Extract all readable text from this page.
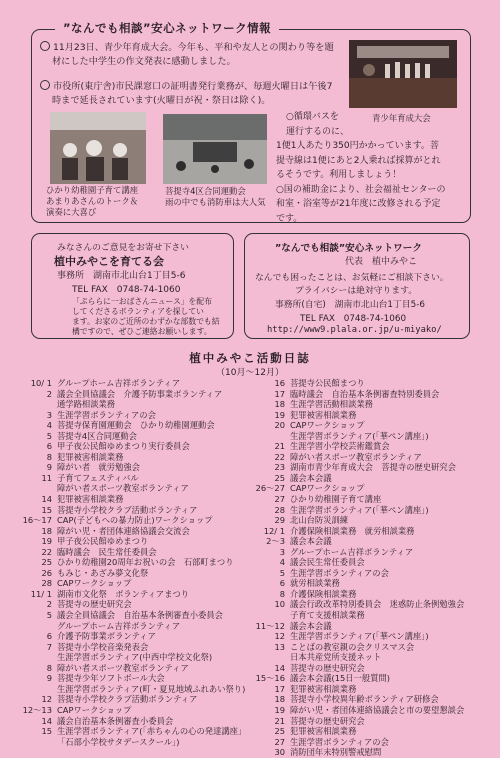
”なんでも相談”安心ネットワーク情報
11月23日、青少年育成大会。今年も、平和や友人との関わり等を題
材にした中学生の作文発表に感動しました。
市役所(東庁舎)市民課窓口の証明書発行業務が、毎週火曜日は午後7
時まで延長されています(火曜日が祝・祭日は除く)。
青少年育成大会
ひかり幼稚園子育て講座
あまりあさんのトーク＆
演奏に大喜び
菩提寺4区合同運動会
雨の中でも消防車は大人気
○循環バスを
運行するのに、
1便1人あたり350円かかっています。菩
提寺線は1便にあと2人乗れば採算がとれ
るそうです。利用しましょう！
○国の補助金により、社会福祉センターの
和室・浴室等が21年度に改修される予定
です。
みなさんのご意見をお寄せ下さい
植中みやこを育てる会
事務所　湖南市北山台1丁目5-6
TEL FAX　0748-74-1060
「ぷららに一おばさんニュース」を配布
してくださるボランティアを探してい
ます。お家のご近所のわずかな部数でも結
構ですので、ぜひご連絡お願いします。
”なんでも相談”安心ネットワーク
代表　植中みやこ
なんでも困ったことは、お気軽にご相談下さい。
プライバシーは絶対守ります。
事務所(自宅)　湖南市北山台1丁目5-6
TEL FAX　0748-74-1060
http://www9.plala.or.jp/u-miyako/
植中みやこ活動日誌
（10月～12月）
10/ 1 グループホーム吉祥ボランティア
2 議会全員協議会　介護予防事業ボランティア
通学路相談業務
3 生涯学習ボランティアの会
4 菩提寺保育園運動会　ひかり幼稚園運動会
5 菩提寺4区合同運動会
6 甲子夜公民館ゆめまつり実行委員会
8 犯罪被害相談業務
9 障がい者　就労勉強会
11 子育てフェスティバル
障がい者スポーツ教室ボランティア
14 犯罪被害相談業務
15 菩提寺小学校クラブ活動ボランティア
16～17 CAP(子どもへの暴力防止)ワークショップ
18 障がい児・者団体連絡協議会交流会
19 甲子夜公民館ゆめまつり
22 臨時議会　民生常任委員会
25 ひかり幼稚園20周年お祝いの会　石部町まつり
26 もみじ・あざみ夢文化祭
28 CAPワークショップ
11/ 1 湖南市文化祭　ボランティアまつり
2 菩提寺の歴史研究会
5 議会全員協議会　自治基本条例審査小委員会
グループホーム吉祥ボランティア
6 介護予防事業ボランティア
7 菩提寺小学校音楽発表会
生涯学習ボランティア(中西中学校文化祭)
8 障がい者スポーツ教室ボランティア
9 菩提寺少年ソフトボール大会
生涯学習ボランティア(町・夏見地域ふれあい祭り)
12 菩提寺小学校クラブ活動ボランティア
12～13 CAPワークショップ
14 議会自治基本条例審査小委員会
15 生涯学習ボランティア(「赤ちゃんの心の発達講座」
「石部小学校サタデースクール」)
16 菩提寺公民館まつり
17 臨時議会　自治基本条例審査特別委員会
18 生涯学習活動相談業務
19 犯罪被害相談業務
20 CAPワークショップ
生涯学習ボランティア(「華ペン講座」)
21 生涯学習小学校芸術鑑賞会
22 障がい者スポーツ教室ボランティア
23 湖南市青少年育成大会　菩提寺の歴史研究会
25 議会本会議
26～27 CAPワークショップ
27 ひかり幼稚園子育て講座
28 生涯学習ボランティア(「華ペン講座」)
29 北山台防災訓練
12/ 1 介護保険相談業務　就労相談業務
2～3 議会本会議
3 グループホーム吉祥ボランティア
4 議会民生常任委員会
5 生涯学習ボランティアの会
6 就労相談業務
8 介護保険相談業務
10 議会行政改革特別委員会　迷惑防止条例勉強会
子育て支援相談業務
11～12 議会本会議
12 生涯学習ボランティア(「華ペン講座」)
13 ことばの教室親の会クリスマス会
日本共産党所支援ネット
14 菩提寺の歴史研究会
15～16 議会本会議(15日一般質問)
17 犯罪被害相談業務
18 菩提寺小学校異年齢ボランティア研修会
19 障がい児・者団体連絡協議会と市の要望懇談会
21 菩提寺の歴史研究会
25 犯罪被害相談業務
27 生涯学習ボランティアの会
30 消防団年末特別警戒慰問
